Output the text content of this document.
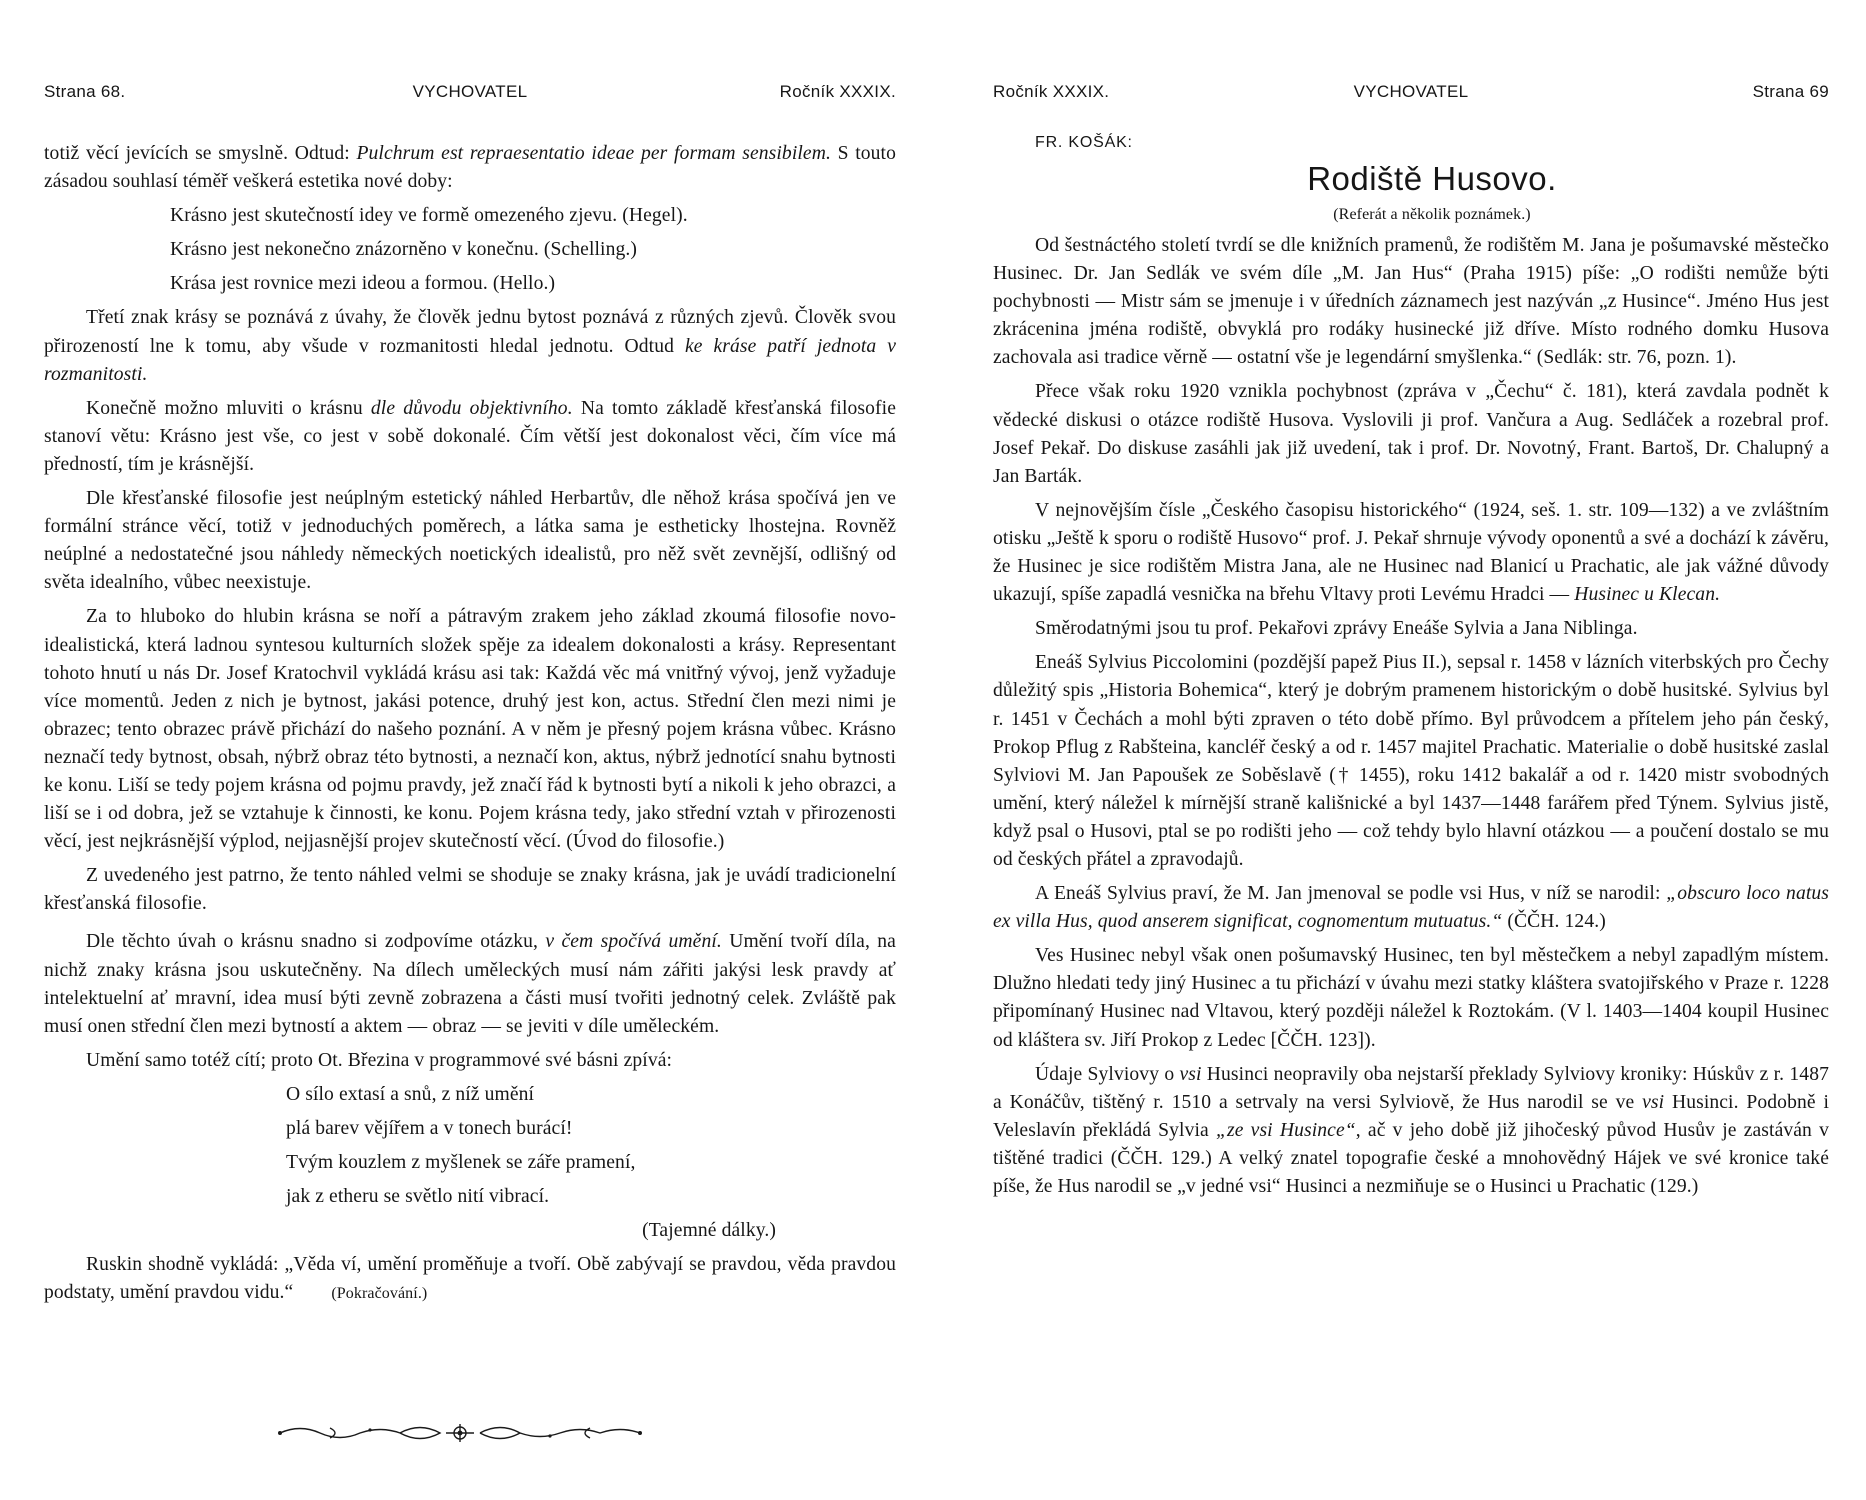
Strana 68.	VYCHOVATEL	Ročník XXXIX.

totiž věcí jevících se smyslně. Odtud: Pulchrum est repraesentatio ideae per formam sensibilem. S touto zásadou souhlasí téměř veškerá estetika nové doby:

Krásno jest skutečností idey ve formě omezeného zjevu. (Hegel).

Krásno jest nekonečno znázorněno v konečnu. (Schelling.)

Krása jest rovnice mezi ideou a formou. (Hello.)

Třetí znak krásy se poznává z úvahy, že člověk jednu bytost poznává z různých zjevů. Člověk svou přirozeností lne k tomu, aby všude v rozmanitosti hledal jednotu. Odtud ke kráse patří jednota v rozmanitosti.

Konečně možno mluviti o krásnu dle důvodu objektivního. Na tomto základě křesťanská filosofie stanoví větu: Krásno jest vše, co jest v sobě dokonalé. Čím větší jest dokonalost věci, čím více má předností, tím je krásnější.

Dle křesťanské filosofie jest neúplným estetický náhled Herbartův, dle něhož krása spočívá jen ve formální stránce věcí, totiž v jednoduchých poměrech, a látka sama je estheticky lhostejna. Rovněž neúplné a nedostatečné jsou náhledy německých noetických idealistů, pro něž svět zevnější, odlišný od světa idealního, vůbec neexistuje.

Za to hluboko do hlubin krásna se noří a pátravým zrakem jeho základ zkoumá filosofie novo-idealistická, která ladnou syntesou kulturních složek spěje za idealem dokonalosti a krásy. Representant tohoto hnutí u nás Dr. Josef Kratochvil vykládá krásu asi tak: Každá věc má vnitřný vývoj, jenž vyžaduje více momentů. Jeden z nich je bytnost, jakási potence, druhý jest kon, actus. Střední člen mezi nimi je obrazec; tento obrazec právě přichází do našeho poznání. A v něm je přesný pojem krásna vůbec. Krásno neznačí tedy bytnost, obsah, nýbrž obraz této bytnosti, a neznačí kon, aktus, nýbrž jednotící snahu bytnosti ke konu. Liší se tedy pojem krásna od pojmu pravdy, jež značí řád k bytnosti bytí a nikoli k jeho obrazci, a liší se i od dobra, jež se vztahuje k činnosti, ke konu. Pojem krásna tedy, jako střední vztah v přirozenosti věcí, jest nejkrásnější výplod, nejjasnější projev skutečností věcí. (Úvod do filosofie.)

Z uvedeného jest patrno, že tento náhled velmi se shoduje se znaky krásna, jak je uvádí tradicionelní křesťanská filosofie.

Dle těchto úvah o krásnu snadno si zodpovíme otázku, v čem spočívá umění. Umění tvoří díla, na nichž znaky krásna jsou uskutečněny. Na dílech uměleckých musí nám zářiti jakýsi lesk pravdy ať intelektuelní ať mravní, idea musí býti zevně zobrazena a části musí tvořiti jednotný celek. Zvláště pak musí onen střední člen mezi bytností a aktem — obraz — se jeviti v díle uměleckém.

Umění samo totéž cítí; proto Ot. Březina v programmové své básni zpívá:

O sílo extasí a snů, z níž umění

plá barev vějířem a v tonech burácí!

Tvým kouzlem z myšlenek se záře pramení,

jak z etheru se světlo nití vibrací.

(Tajemné dálky.)

Ruskin shodně vykládá: „Věda ví, umění proměňuje a tvoří. Obě zabývají se pravdou, věda pravdou podstaty, umění pravdou vidu.“ (Pokračování.)

Ročník XXXIX.	VYCHOVATEL	Strana 69

FR. KOŠÁK:

Rodiště Husovo.

(Referát a několik poznámek.)

Od šestnáctého století tvrdí se dle knižních pramenů, že rodištěm M. Jana je pošumavské městečko Husinec. Dr. Jan Sedlák ve svém díle „M. Jan Hus“ (Praha 1915) píše: „O rodišti nemůže býti pochybnosti — Mistr sám se jmenuje i v úředních záznamech jest nazýván „z Husince“. Jméno Hus jest zkrácenina jména rodiště, obvyklá pro rodáky husinecké již dříve. Místo rodného domku Husova zachovala asi tradice věrně — ostatní vše je legendární smyšlenka.“ (Sedlák: str. 76, pozn. 1).

Přece však roku 1920 vznikla pochybnost (zpráva v „Čechu“ č. 181), která zavdala podnět k vědecké diskusi o otázce rodiště Husova. Vyslovili ji prof. Vančura a Aug. Sedláček a rozebral prof. Josef Pekař. Do diskuse zasáhli jak již uvedení, tak i prof. Dr. Novotný, Frant. Bartoš, Dr. Chalupný a Jan Barták.

V nejnovějším čísle „Českého časopisu historického“ (1924, seš. 1. str. 109—132) a ve zvláštním otisku „Ještě k sporu o rodiště Husovo“ prof. J. Pekař shrnuje vývody oponentů a své a dochází k závěru, že Husinec je sice rodištěm Mistra Jana, ale ne Husinec nad Blanicí u Prachatic, ale jak vážné důvody ukazují, spíše zapadlá vesnička na břehu Vltavy proti Levému Hradci — Husinec u Klecan.

Směrodatnými jsou tu prof. Pekařovi zprávy Eneáše Sylvia a Jana Niblinga.

Eneáš Sylvius Piccolomini (pozdější papež Pius II.), sepsal r. 1458 v lázních viterbských pro Čechy důležitý spis „Historia Bohemica“, který je dobrým pramenem historickým o době husitské. Sylvius byl r. 1451 v Čechách a mohl býti zpraven o této době přímo. Byl průvodcem a přítelem jeho pán český, Prokop Pflug z Rabšteina, kancléř český a od r. 1457 majitel Prachatic. Materialie o době husitské zaslal Sylviovi M. Jan Papoušek ze Soběslavě († 1455), roku 1412 bakalář a od r. 1420 mistr svobodných umění, který náležel k mírnější straně kališnické a byl 1437—1448 farářem před Týnem. Sylvius jistě, když psal o Husovi, ptal se po rodišti jeho — což tehdy bylo hlavní otázkou — a poučení dostalo se mu od českých přátel a zpravodajů.

A Eneáš Sylvius praví, že M. Jan jmenoval se podle vsi Hus, v níž se narodil: „obscuro loco natus ex villa Hus, quod anserem significat, cognomentum mutuatus.“ (ČČH. 124.)

Ves Husinec nebyl však onen pošumavský Husinec, ten byl městečkem a nebyl zapadlým místem. Dlužno hledati tedy jiný Husinec a tu přichází v úvahu mezi statky kláštera svatojiřského v Praze r. 1228 připomínaný Husinec nad Vltavou, který později náležel k Roztokám. (V l. 1403—1404 koupil Husinec od kláštera sv. Jiří Prokop z Ledec [ČČH. 123]).

Údaje Sylviovy o vsi Husinci neopravily oba nejstarší překlady Sylviovy kroniky: Húskův z r. 1487 a Konáčův, tištěný r. 1510 a setrvaly na versi Sylviově, že Hus narodil se ve vsi Husinci. Podobně i Veleslavín překládá Sylvia „ze vsi Husince“, ač v jeho době již jihočeský původ Husův je zastáván v tištěné tradici (ČČH. 129.) A velký znatel topografie české a mnohovědný Hájek ve své kronice také píše, že Hus narodil se „v jedné vsi“ Husinci a nezmiňuje se o Husinci u Prachatic (129.)
